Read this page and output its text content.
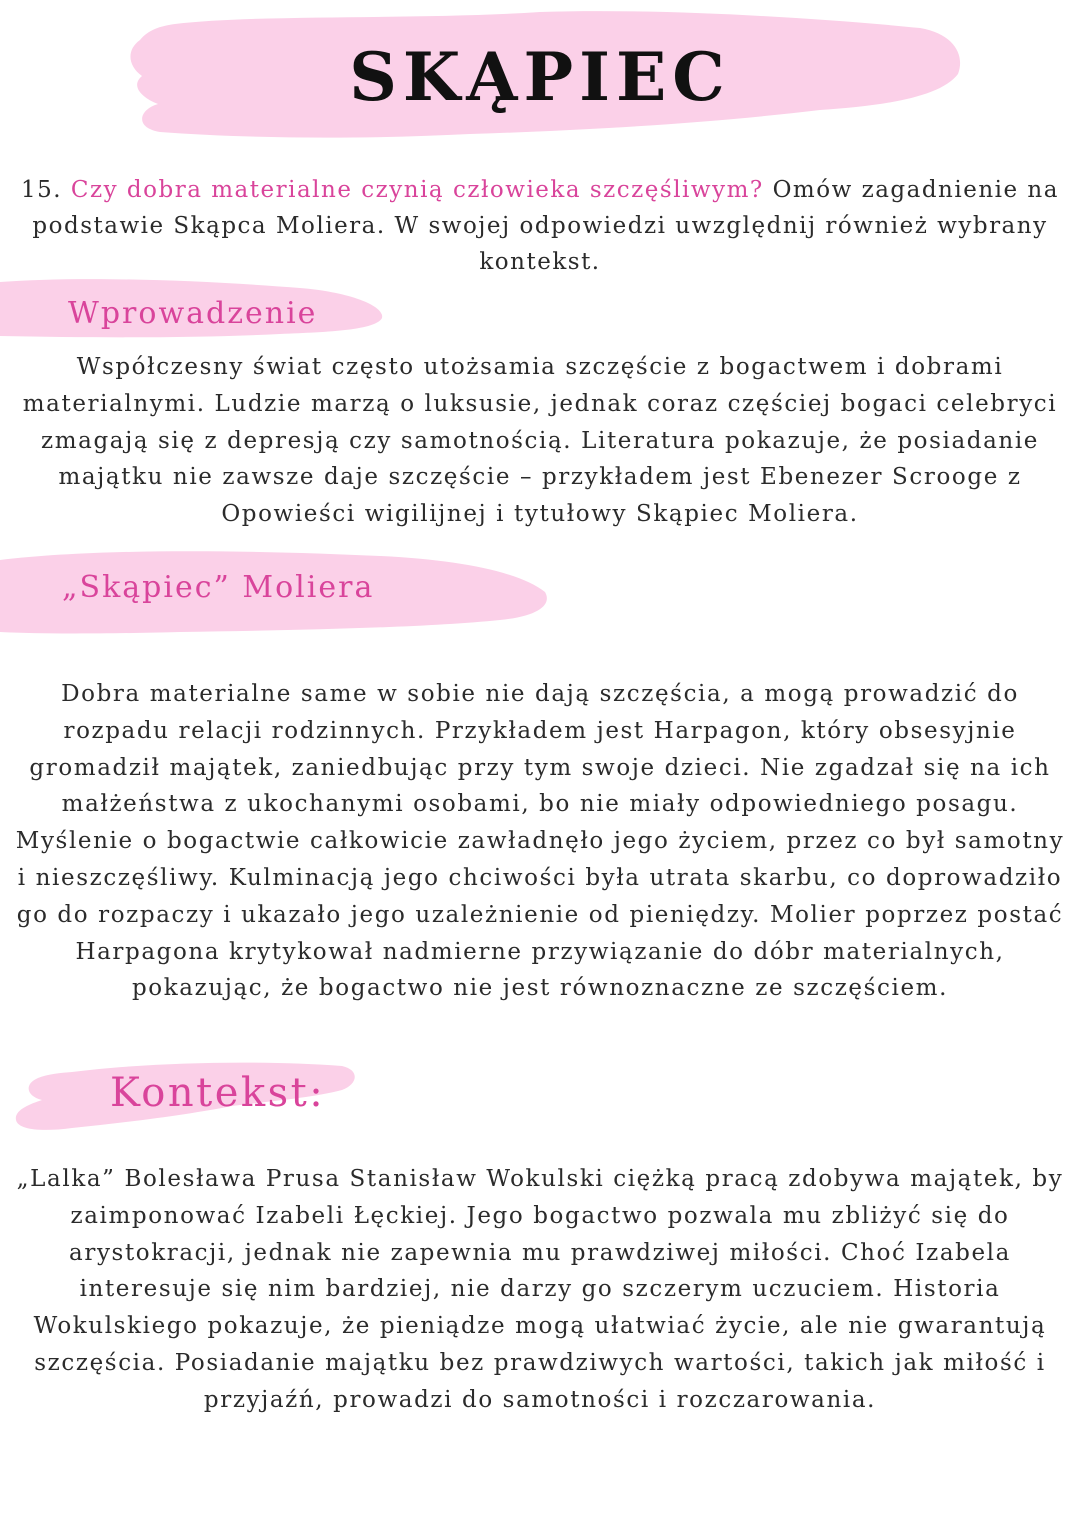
SKĄPIEC

15. Czy dobra materialne czynią człowieka szczęśliwym? Omów zagadnienie na podstawie Skąpca Moliera. W swojej odpowiedzi uwzględnij również wybrany kontekst.

Wprowadzenie

Współczesny świat często utożsamia szczęście z bogactwem i dobrami materialnymi. Ludzie marzą o luksusie, jednak coraz częściej bogaci celebryci zmagają się z depresją czy samotnością. Literatura pokazuje, że posiadanie majątku nie zawsze daje szczęście – przykładem jest Ebenezer Scrooge z Opowieści wigilijnej i tytułowy Skąpiec Moliera.

„Skąpiec” Moliera

Dobra materialne same w sobie nie dają szczęścia, a mogą prowadzić do rozpadu relacji rodzinnych. Przykładem jest Harpagon, który obsesyjnie gromadził majątek, zaniedbując przy tym swoje dzieci. Nie zgadzał się na ich małżeństwa z ukochanymi osobami, bo nie miały odpowiedniego posagu. Myślenie o bogactwie całkowicie zawładnęło jego życiem, przez co był samotny i nieszczęśliwy. Kulminacją jego chciwości była utrata skarbu, co doprowadziło go do rozpaczy i ukazało jego uzależnienie od pieniędzy. Molier poprzez postać Harpagona krytykował nadmierne przywiązanie do dóbr materialnych, pokazując, że bogactwo nie jest równoznaczne ze szczęściem.

Kontekst:

„Lalka” Bolesława Prusa Stanisław Wokulski ciężką pracą zdobywa majątek, by zaimponować Izabeli Łęckiej. Jego bogactwo pozwala mu zbliżyć się do arystokracji, jednak nie zapewnia mu prawdziwej miłości. Choć Izabela interesuje się nim bardziej, nie darzy go szczerym uczuciem. Historia Wokulskiego pokazuje, że pieniądze mogą ułatwiać życie, ale nie gwarantują szczęścia. Posiadanie majątku bez prawdziwych wartości, takich jak miłość i przyjaźń, prowadzi do samotności i rozczarowania.
